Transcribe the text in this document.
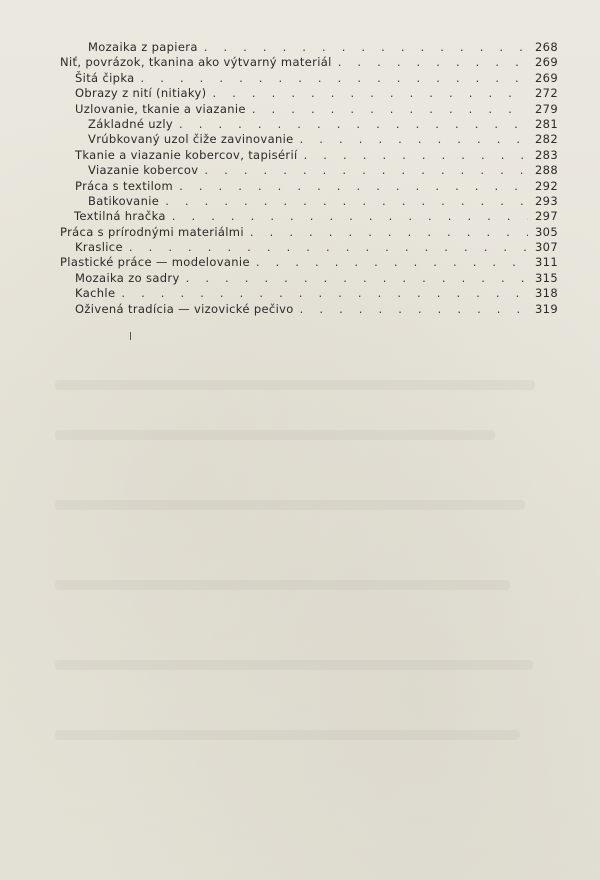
Mozaika z papiera . . .	268
Niť, povrázok, tkanina ako výtvarný materiál . . .	269
Šitá čipka . . .	269
Obrazy z nití (nitiaky) . . .	272
Uzlovanie, tkanie a viazanie . . .	279
Základné uzly . . .	281
Vrúbkovaný uzol čiže zavinovanie . . .	282
Tkanie a viazanie kobercov, tapisérií . . .	283
Viazanie kobercov . . .	288
Práca s textilom . . .	292
Batikovanie . . .	293
Textilná hračka . . .	297
Práca s prírodnými materiálmi . . .	305
Kraslice . . .	307
Plastické práce — modelovanie . . .	311
Mozaika zo sadry . . .	315
Kachle . . .	318
Oživená tradícia — vizovické pečivo . . .	319
